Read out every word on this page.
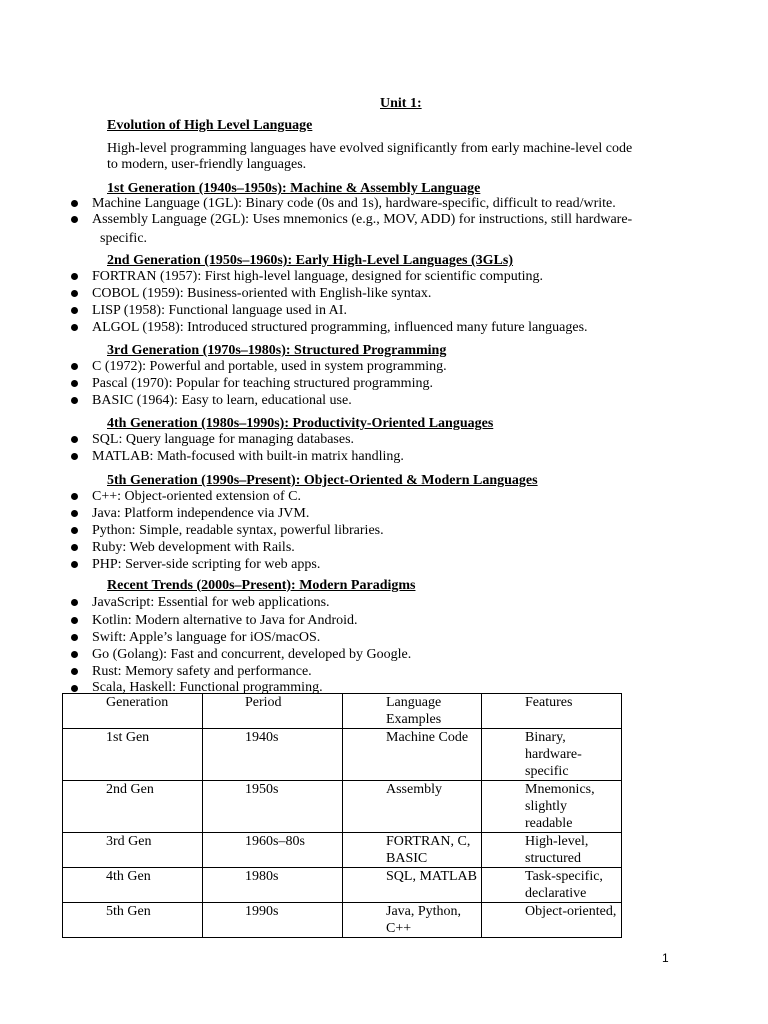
Unit 1:
Evolution of High Level Language
High-level programming languages have evolved significantly from early machine-level code
to modern, user-friendly languages.
1st Generation (1940s–1950s): Machine & Assembly Language
Machine Language (1GL): Binary code (0s and 1s), hardware-specific, difficult to read/write.
Assembly Language (2GL): Uses mnemonics (e.g., MOV, ADD) for instructions, still hardware-
specific.
2nd Generation (1950s–1960s): Early High-Level Languages (3GLs)
FORTRAN (1957): First high-level language, designed for scientific computing.
COBOL (1959): Business-oriented with English-like syntax.
LISP (1958): Functional language used in AI.
ALGOL (1958): Introduced structured programming, influenced many future languages.
3rd Generation (1970s–1980s): Structured Programming
C (1972): Powerful and portable, used in system programming.
Pascal (1970): Popular for teaching structured programming.
BASIC (1964): Easy to learn, educational use.
4th Generation (1980s–1990s): Productivity-Oriented Languages
SQL: Query language for managing databases.
MATLAB: Math-focused with built-in matrix handling.
5th Generation (1990s–Present): Object-Oriented & Modern Languages
C++: Object-oriented extension of C.
Java: Platform independence via JVM.
Python: Simple, readable syntax, powerful libraries.
Ruby: Web development with Rails.
PHP: Server-side scripting for web apps.
Recent Trends (2000s–Present): Modern Paradigms
JavaScript: Essential for web applications.
Kotlin: Modern alternative to Java for Android.
Swift: Apple’s language for iOS/macOS.
Go (Golang): Fast and concurrent, developed by Google.
Rust: Memory safety and performance.
Scala, Haskell: Functional programming.
Generation	Period	Language Examples	Features
1st Gen	1940s	Machine Code	Binary, hardware-specific
2nd Gen	1950s	Assembly	Mnemonics, slightly readable
3rd Gen	1960s–80s	FORTRAN, C, BASIC	High-level, structured
4th Gen	1980s	SQL, MATLAB	Task-specific, declarative
5th Gen	1990s	Java, Python, C++	Object-oriented,
1
